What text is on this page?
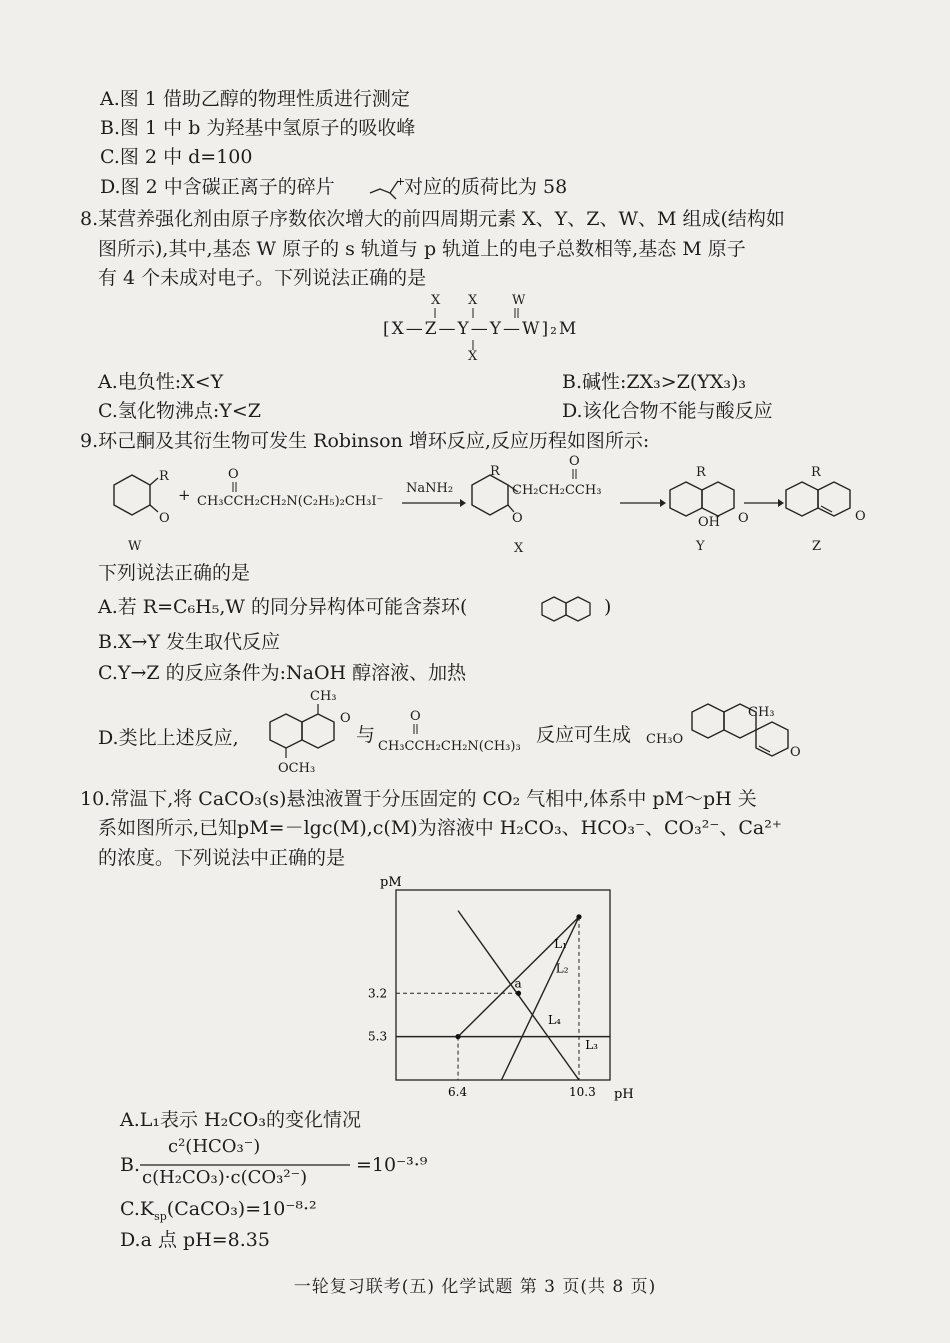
A.图 1 借助乙醇的物理性质进行测定
B.图 1 中 b 为羟基中氢原子的吸收峰
C.图 2 中 d=100
D.图 2 中含碳正离子的碎片	+
对应的质荷比为 58
8.某营养强化剂由原子序数依次增大的前四周期元素 X、Y、Z、W、M 组成(结构如
图所示),其中,基态 W 原子的 s 轨道与 p 轨道上的电子总数相等,基态 M 原子
有 4 个未成对电子。下列说法正确的是
X X	W
[X—Z—Y—Y—W]₂M
X
A.电负性:X<Y	B.碱性:ZX₃>Z(YX₃)₃
C.氢化物沸点:Y<Z	D.该化合物不能与酸反应
9.环己酮及其衍生物可发生 Robinson 增环反应,反应历程如图所示:
R
O
+
W
O
CH₃CCH₂CH₂N(C₂H₅)₂CH₃I⁻
NaNH₂
R
O
O
CH₂CH₂CCH₃
X
R
O
OH
Y
R
O
Z
下列说法正确的是
A.若 R=C₆H₅,W 的同分异构体可能含萘环(	)
B.X→Y 发生取代反应
C.Y→Z 的反应条件为:NaOH 醇溶液、加热
D.类比上述反应,
CH₃
O
OCH₃
与
O
CH₃CCH₂CH₂N(CH₃)₃
反应可生成 CH₃O
CH₃
O
10.常温下,将 CaCO₃(s)悬浊液置于分压固定的 CO₂ 气相中,体系中 pM～pH 关
系如图所示,已知pM=－lgc(M),c(M)为溶液中 H₂CO₃、HCO₃⁻、CO₃²⁻、Ca²⁺
的浓度。下列说法中正确的是
pM
pH
a
3.2
5.3
6.4	10.3
L₁
L₂
L₄
L₃
A.L₁表示 H₂CO₃的变化情况
B.
c²(HCO₃⁻)
c(H₂CO₃)·c(CO₃²⁻)
=10⁻³·⁹
$C.K_{sp}(CaCO_3)=10^{-8}\cdot^2$
D.a 点 pH=8.35
一轮复习联考(五) 化学试题 第 3 页(共 8 页)
